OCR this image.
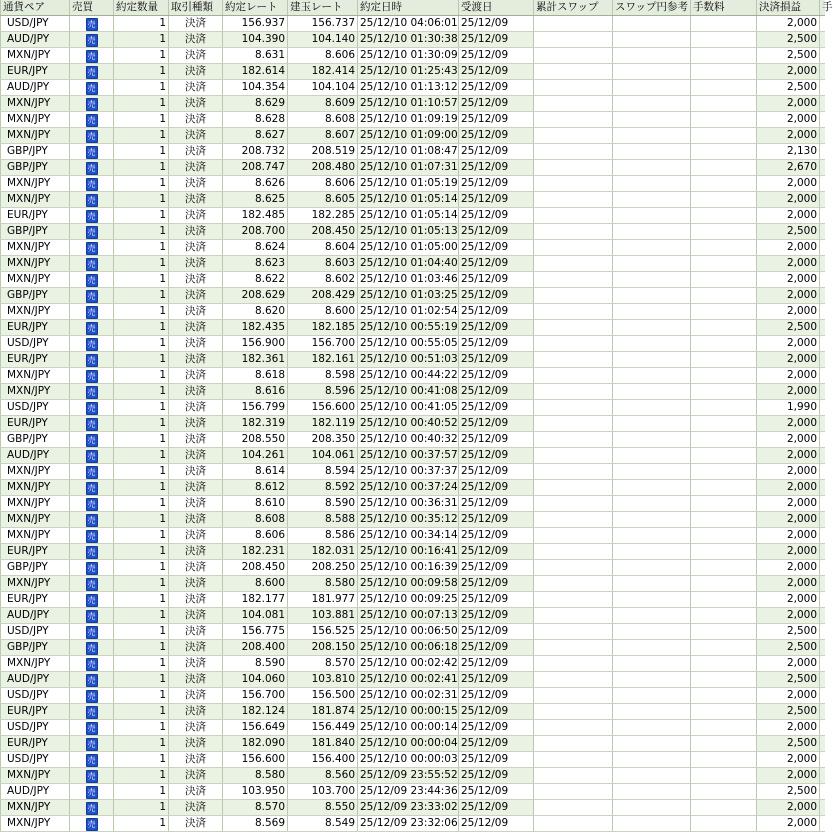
通貨ペア	売買	約定数量	取引種類	約定レート	建玉レート	約定日時	受渡日	累計スワップ	スワップ円参考	手数料	決済損益	手
USD/JPY	売	1	決済	156.937	156.737	25/12/10 04:06:01	25/12/09				2,000	
AUD/JPY	売	1	決済	104.390	104.140	25/12/10 01:30:38	25/12/09				2,500	
MXN/JPY	売	1	決済	8.631	8.606	25/12/10 01:30:09	25/12/09				2,500	
EUR/JPY	売	1	決済	182.614	182.414	25/12/10 01:25:43	25/12/09				2,000	
AUD/JPY	売	1	決済	104.354	104.104	25/12/10 01:13:12	25/12/09				2,500	
MXN/JPY	売	1	決済	8.629	8.609	25/12/10 01:10:57	25/12/09				2,000	
MXN/JPY	売	1	決済	8.628	8.608	25/12/10 01:09:19	25/12/09				2,000	
MXN/JPY	売	1	決済	8.627	8.607	25/12/10 01:09:00	25/12/09				2,000	
GBP/JPY	売	1	決済	208.732	208.519	25/12/10 01:08:47	25/12/09				2,130	
GBP/JPY	売	1	決済	208.747	208.480	25/12/10 01:07:31	25/12/09				2,670	
MXN/JPY	売	1	決済	8.626	8.606	25/12/10 01:05:19	25/12/09				2,000	
MXN/JPY	売	1	決済	8.625	8.605	25/12/10 01:05:14	25/12/09				2,000	
EUR/JPY	売	1	決済	182.485	182.285	25/12/10 01:05:14	25/12/09				2,000	
GBP/JPY	売	1	決済	208.700	208.450	25/12/10 01:05:13	25/12/09				2,500	
MXN/JPY	売	1	決済	8.624	8.604	25/12/10 01:05:00	25/12/09				2,000	
MXN/JPY	売	1	決済	8.623	8.603	25/12/10 01:04:40	25/12/09				2,000	
MXN/JPY	売	1	決済	8.622	8.602	25/12/10 01:03:46	25/12/09				2,000	
GBP/JPY	売	1	決済	208.629	208.429	25/12/10 01:03:25	25/12/09				2,000	
MXN/JPY	売	1	決済	8.620	8.600	25/12/10 01:02:54	25/12/09				2,000	
EUR/JPY	売	1	決済	182.435	182.185	25/12/10 00:55:19	25/12/09				2,500	
USD/JPY	売	1	決済	156.900	156.700	25/12/10 00:55:05	25/12/09				2,000	
EUR/JPY	売	1	決済	182.361	182.161	25/12/10 00:51:03	25/12/09				2,000	
MXN/JPY	売	1	決済	8.618	8.598	25/12/10 00:44:22	25/12/09				2,000	
MXN/JPY	売	1	決済	8.616	8.596	25/12/10 00:41:08	25/12/09				2,000	
USD/JPY	売	1	決済	156.799	156.600	25/12/10 00:41:05	25/12/09				1,990	
EUR/JPY	売	1	決済	182.319	182.119	25/12/10 00:40:52	25/12/09				2,000	
GBP/JPY	売	1	決済	208.550	208.350	25/12/10 00:40:32	25/12/09				2,000	
AUD/JPY	売	1	決済	104.261	104.061	25/12/10 00:37:57	25/12/09				2,000	
MXN/JPY	売	1	決済	8.614	8.594	25/12/10 00:37:37	25/12/09				2,000	
MXN/JPY	売	1	決済	8.612	8.592	25/12/10 00:37:24	25/12/09				2,000	
MXN/JPY	売	1	決済	8.610	8.590	25/12/10 00:36:31	25/12/09				2,000	
MXN/JPY	売	1	決済	8.608	8.588	25/12/10 00:35:12	25/12/09				2,000	
MXN/JPY	売	1	決済	8.606	8.586	25/12/10 00:34:14	25/12/09				2,000	
EUR/JPY	売	1	決済	182.231	182.031	25/12/10 00:16:41	25/12/09				2,000	
GBP/JPY	売	1	決済	208.450	208.250	25/12/10 00:16:39	25/12/09				2,000	
MXN/JPY	売	1	決済	8.600	8.580	25/12/10 00:09:58	25/12/09				2,000	
EUR/JPY	売	1	決済	182.177	181.977	25/12/10 00:09:25	25/12/09				2,000	
AUD/JPY	売	1	決済	104.081	103.881	25/12/10 00:07:13	25/12/09				2,000	
USD/JPY	売	1	決済	156.775	156.525	25/12/10 00:06:50	25/12/09				2,500	
GBP/JPY	売	1	決済	208.400	208.150	25/12/10 00:06:18	25/12/09				2,500	
MXN/JPY	売	1	決済	8.590	8.570	25/12/10 00:02:42	25/12/09				2,000	
AUD/JPY	売	1	決済	104.060	103.810	25/12/10 00:02:41	25/12/09				2,500	
USD/JPY	売	1	決済	156.700	156.500	25/12/10 00:02:31	25/12/09				2,000	
EUR/JPY	売	1	決済	182.124	181.874	25/12/10 00:00:15	25/12/09				2,500	
USD/JPY	売	1	決済	156.649	156.449	25/12/10 00:00:14	25/12/09				2,000	
EUR/JPY	売	1	決済	182.090	181.840	25/12/10 00:00:04	25/12/09				2,500	
USD/JPY	売	1	決済	156.600	156.400	25/12/10 00:00:03	25/12/09				2,000	
MXN/JPY	売	1	決済	8.580	8.560	25/12/09 23:55:52	25/12/09				2,000	
AUD/JPY	売	1	決済	103.950	103.700	25/12/09 23:44:36	25/12/09				2,500	
MXN/JPY	売	1	決済	8.570	8.550	25/12/09 23:33:02	25/12/09				2,000	
MXN/JPY	売	1	決済	8.569	8.549	25/12/09 23:32:06	25/12/09				2,000	
